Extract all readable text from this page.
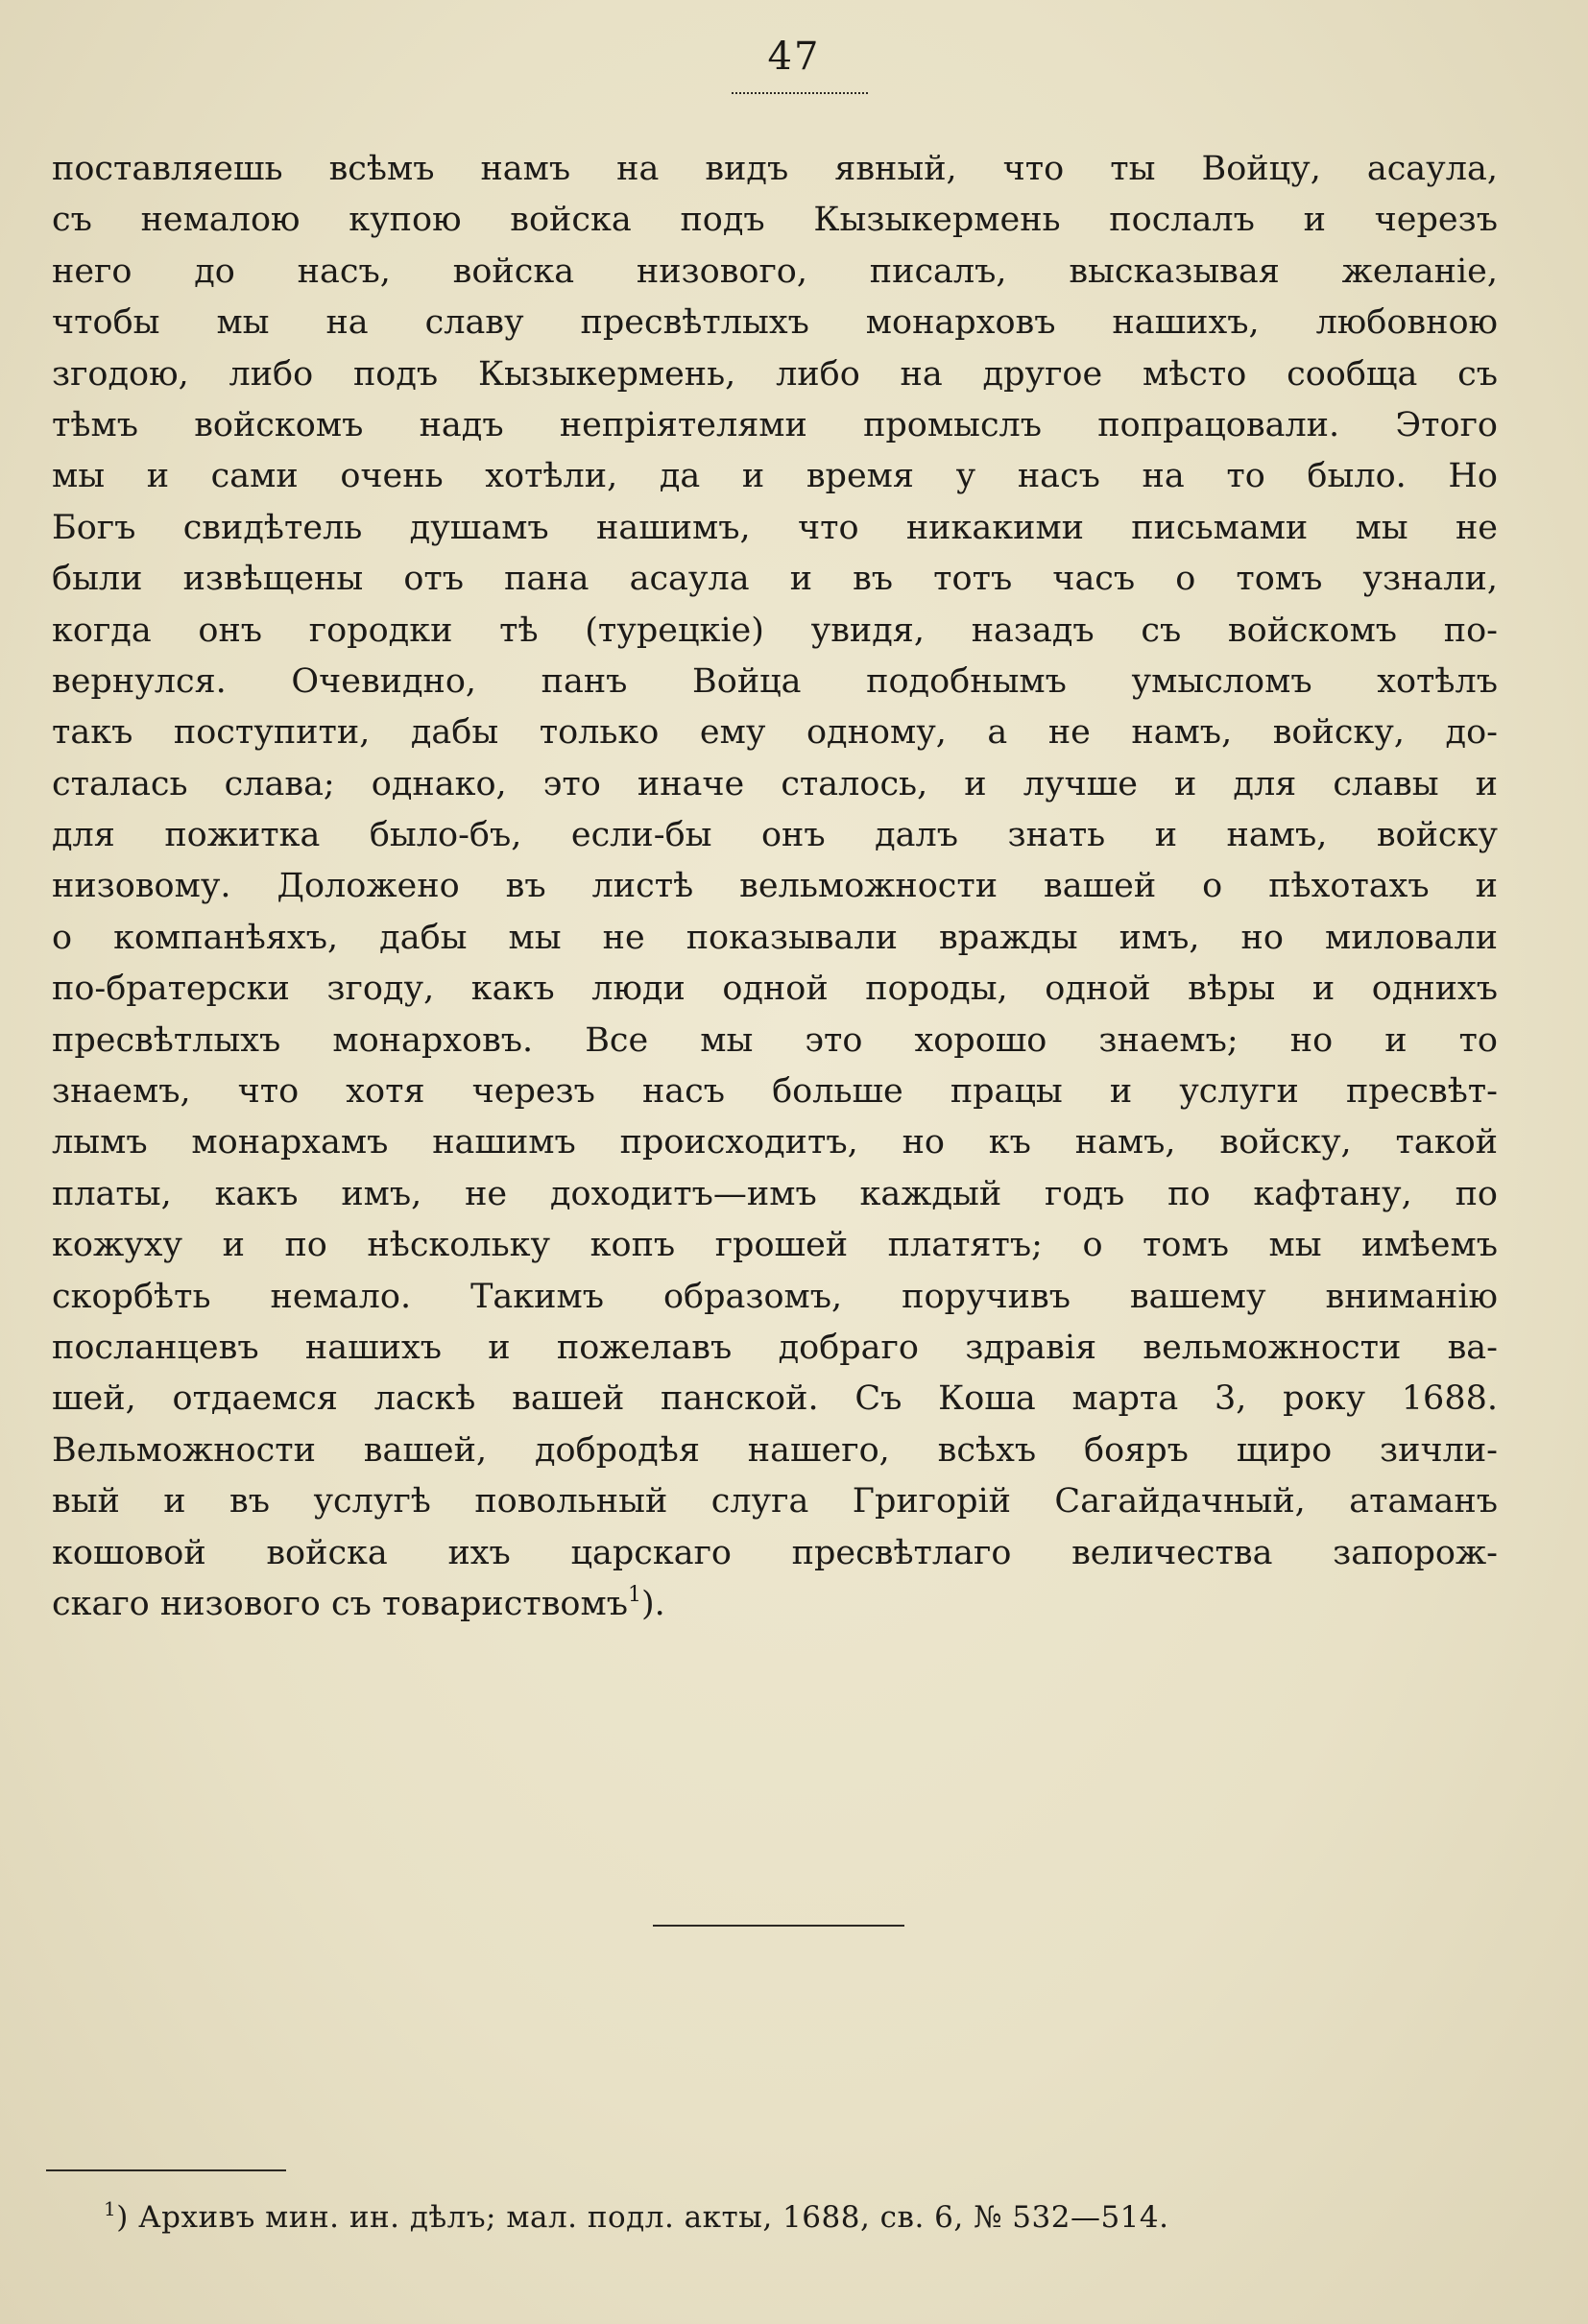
47
поставляешь всѣмъ намъ на видъ явный, что ты Войцу, асаула,
съ немалою купою войска подъ Кызыкермень послалъ и черезъ
него до насъ, войска низового, писалъ, высказывая желаніе,
чтобы мы на славу пресвѣтлыхъ монарховъ нашихъ, любовною
згодою, либо подъ Кызыкермень, либо на другое мѣсто сообща съ
тѣмъ войскомъ надъ непріятелями промыслъ попрацовали. Этого
мы и сами очень хотѣли, да и время у насъ на то было. Но
Богъ свидѣтель душамъ нашимъ, что никакими письмами мы не
были извѣщены отъ пана асаула и въ тотъ часъ о томъ узнали,
когда онъ городки тѣ (турецкіе) увидя, назадъ съ войскомъ по-
вернулся. Очевидно, панъ Войца подобнымъ умысломъ хотѣлъ
такъ поступити, дабы только ему одному, а не намъ, войску, до-
сталась слава; однако, это иначе сталось, и лучше и для славы и
для пожитка было-бъ, если-бы онъ далъ знать и намъ, войску
низовому. Доложено въ листѣ вельможности вашей о пѣхотахъ и
о компанѣяхъ, дабы мы не показывали вражды имъ, но миловали
по-братерски згоду, какъ люди одной породы, одной вѣры и одниxъ
пресвѣтлыхъ монарховъ. Все мы это хорошо знаемъ; но и то
знаемъ, что хотя черезъ насъ больше працы и услуги пресвѣт-
лымъ монархамъ нашимъ происходитъ, но къ намъ, войску, такой
платы, какъ имъ, не доходитъ—имъ каждый годъ по кафтану, по
кожуху и по нѣскольку копъ грошей платятъ; о томъ мы имѣемъ
скорбѣть немало. Такимъ образомъ, поручивъ вашему вниманію
посланцевъ нашихъ и пожелавъ добраго здравія вельможности ва-
шей, отдаемся ласкѣ вашей панской. Съ Коша марта 3, року 1688.
Вельможности вашей, добродѣя нашего, всѣхъ бояръ щиро зичли-
вый и въ услугѣ повольный слуга Григорій Сагайдачный, атаманъ
кошовой войска ихъ царскаго пресвѣтлаго величества запорож-
скаго низового съ товариствомъ$^1$).
$^1$) Архивъ мин. ин. дѣлъ; мал. подл. акты, 1688, св. 6, № 532—514.
